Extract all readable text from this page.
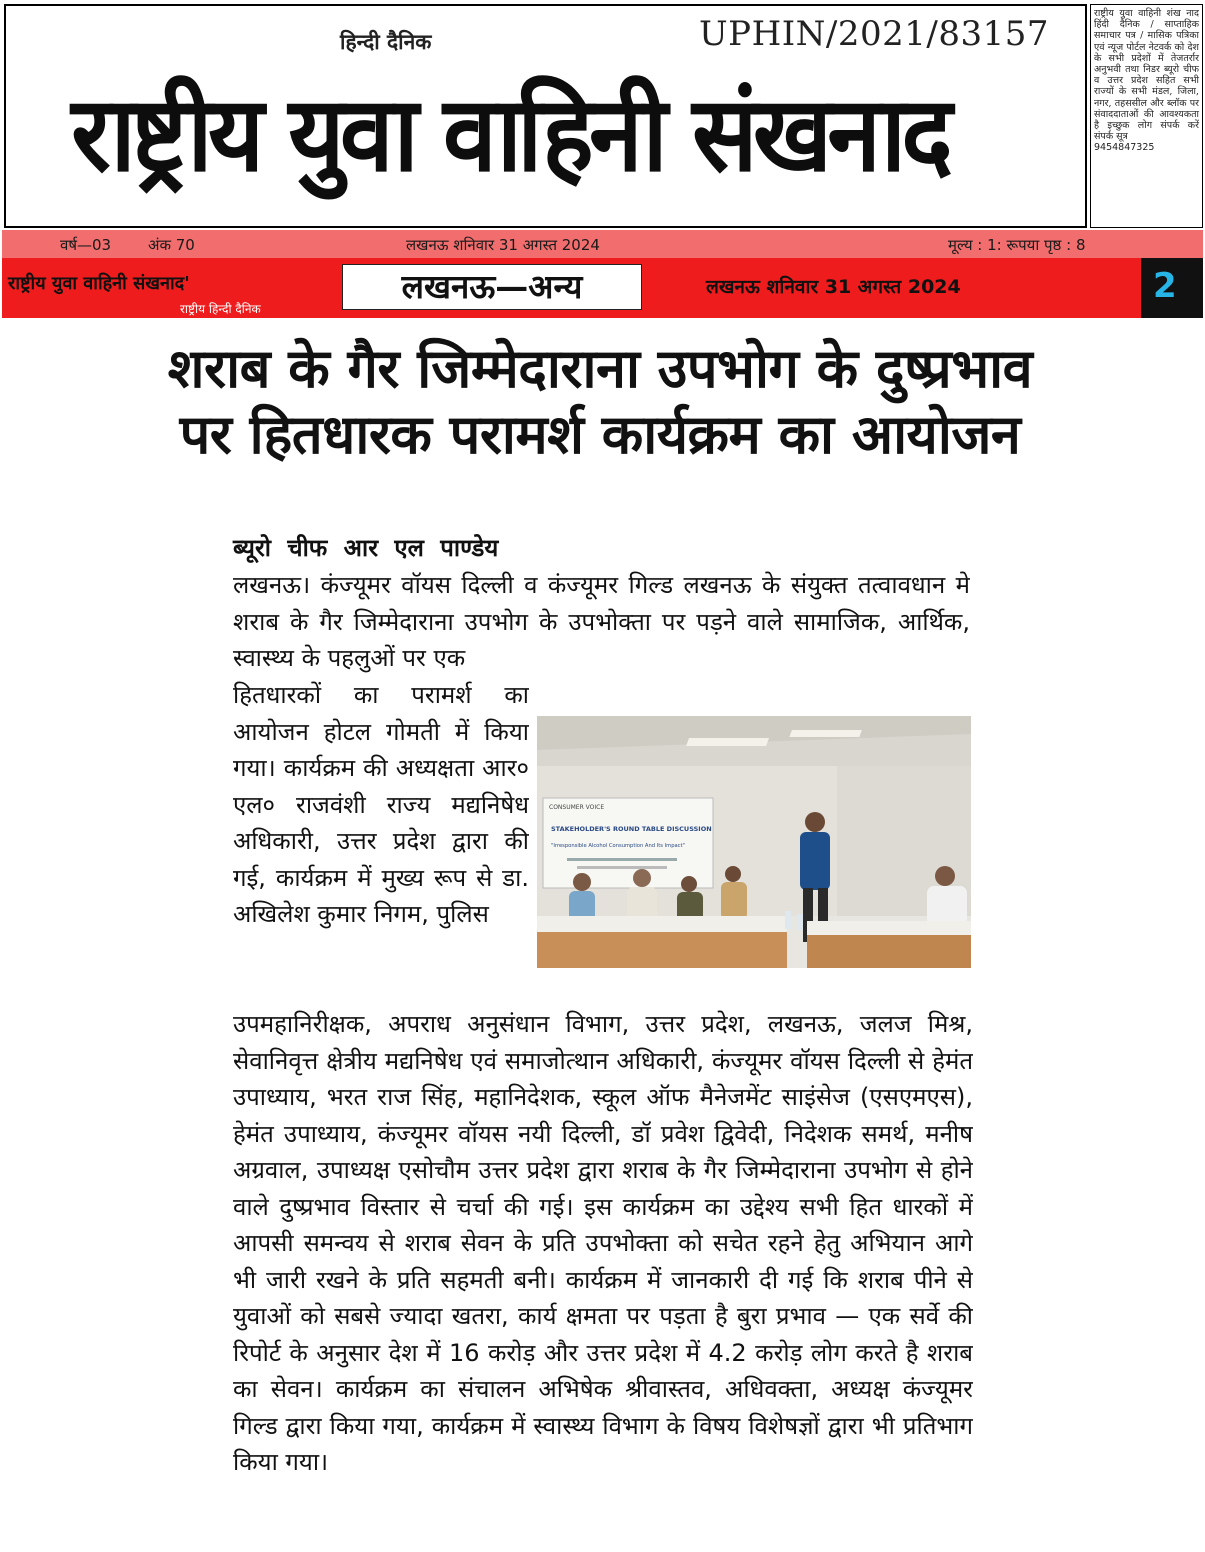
हिन्दी दैनिक	UPHIN/2021/83157
राष्ट्रीय युवा वाहिनी संखनाद
राष्ट्रीय युवा वाहिनी शंख नाद हिंदी दैनिक / साप्ताहिक समाचार पत्र / मासिक पत्रिका एवं न्यूज पोर्टल नेटवर्क को देश के सभी प्रदेशों में तेजतर्रार अनुभवी तथा निडर ब्यूरो चीफ व उत्तर प्रदेश सहित सभी राज्यों के सभी मंडल, जिला, नगर, तहससील और ब्लॉक पर संवाददाताओं की आवश्यकता है इच्छुक लोग संपर्क करें संपर्क सूत्र
9454847325
वर्ष—03 अंक 70	लखनऊ शनिवार 31 अगस्त 2024	मूल्य : 1: रूपया पृष्ठ : 8
राष्ट्रीय युवा वाहिनी संखनाद'
राष्ट्रीय हिन्दी दैनिक
लखनऊ—अन्य	लखनऊ शनिवार 31 अगस्त 2024	2
शराब के गैर जिम्मेदाराना उपभोग के दुष्प्रभाव पर हितधारक परामर्श कार्यक्रम का आयोजन
ब्यूरो चीफ आर एल पाण्डेय
लखनऊ। कंज्यूमर वॉयस दिल्ली व कंज्यूमर गिल्ड लखनऊ के संयुक्त तत्वावधान मे शराब के गैर जिम्मेदाराना उपभोग के उपभोक्ता पर पड़ने वाले सामाजिक, आर्थिक, स्वास्थ्य के पहलुओं पर एक
हितधारकों का परामर्श का आयोजन होटल गोमती में किया गया। कार्यक्रम की अध्यक्षता आर० एल० राजवंशी राज्य मद्यनिषेध अधिकारी, उत्तर प्रदेश द्वारा की गई, कार्यक्रम में मुख्य रूप से डा. अखिलेश कुमार निगम, पुलिस
CONSUMER VOICE
STAKEHOLDER'S ROUND TABLE DISCUSSION
"Irresponsible Alcohol Consumption And Its Impact"
उपमहानिरीक्षक, अपराध अनुसंधान विभाग, उत्तर प्रदेश, लखनऊ, जलज मिश्र, सेवानिवृत्त क्षेत्रीय मद्यनिषेध एवं समाजोत्थान अधिकारी, कंज्यूमर वॉयस दिल्ली से हेमंत उपाध्याय, भरत राज सिंह, महानिदेशक, स्कूल ऑफ मैनेजमेंट साइंसेज (एसएमएस), हेमंत उपाध्याय, कंज्यूमर वॉयस नयी दिल्ली, डॉ प्रवेश द्विवेदी, निदेशक समर्थ, मनीष अग्रवाल, उपाध्यक्ष एसोचौम उत्तर प्रदेश द्वारा शराब के गैर जिम्मेदाराना उपभोग से होने वाले दुष्प्रभाव विस्तार से चर्चा की गई। इस कार्यक्रम का उद्देश्य सभी हित धारकों में आपसी समन्वय से शराब सेवन के प्रति उपभोक्ता को सचेत रहने हेतु अभियान आगे भी जारी रखने के प्रति सहमती बनी। कार्यक्रम में जानकारी दी गई कि शराब पीने से युवाओं को सबसे ज्यादा खतरा, कार्य क्षमता पर पड़ता है बुरा प्रभाव — एक सर्वे की रिपोर्ट के अनुसार देश में 16 करोड़ और उत्तर प्रदेश में 4.2 करोड़ लोग करते है शराब का सेवन। कार्यक्रम का संचालन अभिषेक श्रीवास्तव, अधिवक्ता, अध्यक्ष कंज्यूमर गिल्ड द्वारा किया गया, कार्यक्रम में स्वास्थ्य विभाग के विषय विशेषज्ञों द्वारा भी प्रतिभाग किया गया।
